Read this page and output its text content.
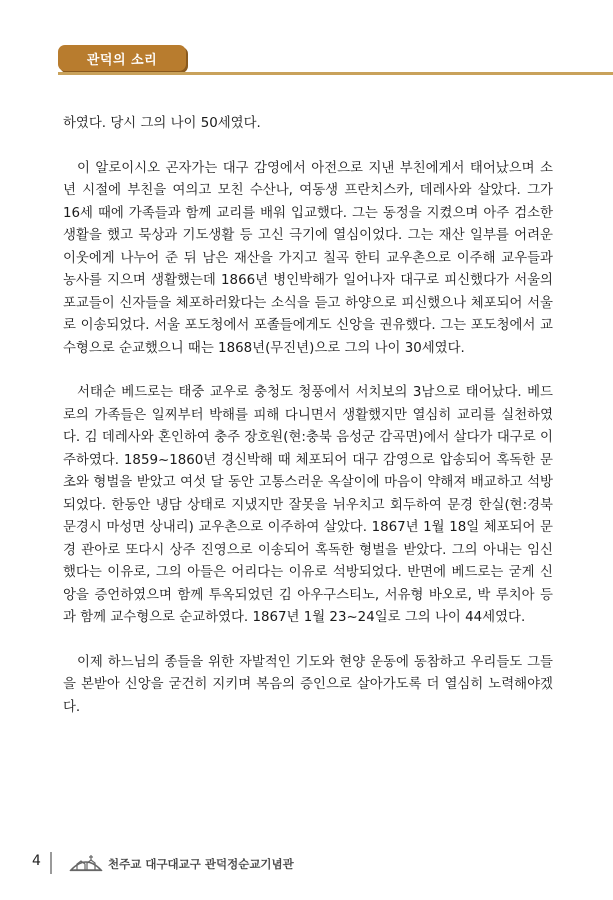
관덕의 소리

하였다. 당시 그의 나이 50세였다.

이 알로이시오 곤자가는 대구 감영에서 아전으로 지낸 부친에게서 태어났으며 소년 시절에 부친을 여의고 모친 수산나, 여동생 프란치스카, 데레사와 살았다. 그가 16세 때에 가족들과 함께 교리를 배워 입교했다. 그는 동정을 지켰으며 아주 검소한 생활을 했고 묵상과 기도생활 등 고신 극기에 열심이었다. 그는 재산 일부를 어려운 이웃에게 나누어 준 뒤 남은 재산을 가지고 칠곡 한티 교우촌으로 이주해 교우들과 농사를 지으며 생활했는데 1866년 병인박해가 일어나자 대구로 피신했다가 서울의 포교들이 신자들을 체포하러왔다는 소식을 듣고 하양으로 피신했으나 체포되어 서울로 이송되었다. 서울 포도청에서 포졸들에게도 신앙을 권유했다. 그는 포도청에서 교수형으로 순교했으니 때는 1868년(무진년)으로 그의 나이 30세였다.

서태순 베드로는 태중 교우로 충청도 청풍에서 서치보의 3남으로 태어났다. 베드로의 가족들은 일찌부터 박해를 피해 다니면서 생활했지만 열심히 교리를 실천하였다. 김 데레사와 혼인하여 충주 장호원(현:충북 음성군 감곡면)에서 살다가 대구로 이주하였다. 1859~1860년 경신박해 때 체포되어 대구 감영으로 압송되어 혹독한 문초와 형벌을 받았고 여섯 달 동안 고통스러운 옥살이에 마음이 약해져 배교하고 석방되었다. 한동안 냉담 상태로 지냈지만 잘못을 뉘우치고 회두하여 문경 한실(현:경북 문경시 마성면 상내리) 교우촌으로 이주하여 살았다. 1867년 1월 18일 체포되어 문경 관아로 또다시 상주 진영으로 이송되어 혹독한 형벌을 받았다. 그의 아내는 임신했다는 이유로, 그의 아들은 어리다는 이유로 석방되었다. 반면에 베드로는 굳게 신앙을 증언하였으며 함께 투옥되었던 김 아우구스티노, 서유형 바오로, 박 루치아 등과 함께 교수형으로 순교하였다. 1867년 1월 23~24일로 그의 나이 44세였다.

이제 하느님의 종들을 위한 자발적인 기도와 현양 운동에 동참하고 우리들도 그들을 본받아 신앙을 굳건히 지키며 복음의 증인으로 살아가도록 더 열심히 노력해야겠다.

4	천주교 대구대교구 관덕정순교기념관
